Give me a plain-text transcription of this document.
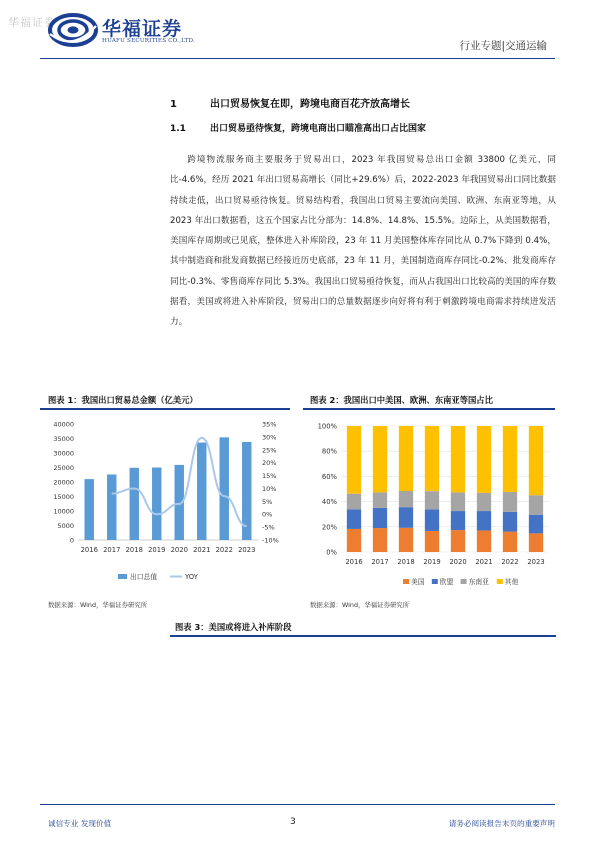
华福证券 华福证券
HUAFU SECURITIES CO.,LTD.	行业专题|交通运输
1	出口贸易恢复在即，跨境电商百花齐放高增长
1.1	出口贸易亟待恢复，跨境电商出口瞄准高出口占比国家

跨境物流服务商主要服务于贸易出口，2023 年我国贸易总出口金额 33800 亿美元，同比-4.6%，经历 2021 年出口贸易高增长（同比+29.6%）后，2022-2023 年我国贸易出口同比数据持续走低，出口贸易亟待恢复。贸易结构看，我国出口贸易主要流向美国、欧洲、东南亚等地，从 2023 年出口数据看，这五个国家占比分部为：14.8%、14.8%、15.5%。边际上，从美国数据看，美国库存周期或已见底，整体进入补库阶段，23 年 11 月美国整体库存同比从 0.7%下降到 0.4%，其中制造商和批发商数据已经接近历史底部，23 年 11 月，美国制造商库存同比-0.2%、批发商库存同比-0.3%、零售商库存同比 5.3%。我国出口贸易亟待恢复，而从占我国出口比较高的美国的库存数据看，美国或将进入补库阶段，贸易出口的总量数据逐步向好将有利于刺激跨境电商需求持续迸发活力。

图表 1：我国出口贸易总金额（亿美元）
0
5000
10000
15000
20000
25000
30000
35000
40000
-10%
-5%
0%
5%
10%
15%
20%
25%
30%
35%
2016 2017 2018 2019 2020 2021 2022 2023
出口总值	YOY
数据来源：Wind，华福证券研究所
图表 2：我国出口中美国、欧洲、东南亚等国占比
0%
20%
40%
60%
80%
100%
2016 2017 2018 2019 2020 2021 2022 2023
美国 欧盟 东南亚 其他
数据来源：Wind，华福证券研究所
图表 3：美国或将进入补库阶段
诚信专业 发现价值	3	请务必阅读报告末页的重要声明
